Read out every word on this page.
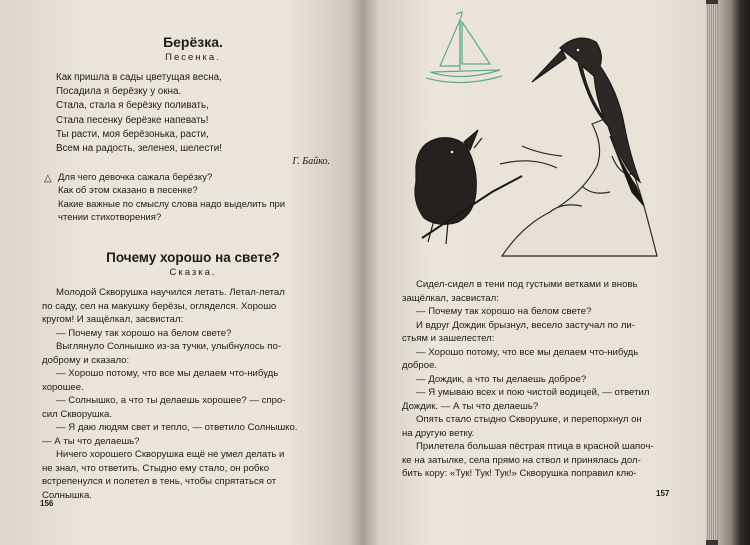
Берёзка.
Песенка.
Как пришла в сады цветущая весна,
Посадила я берёзку у окна.
Стала, стала я берёзку поливать,
Стала песенку берёзке напевать!
Ты расти, моя берёзонька, расти,
Всем на радость, зеленея, шелести!
Г. Байко.
△ Для чего девочка сажала берёзку?
Как об этом сказано в песенке?
Какие важные по смыслу слова надо выделить при
чтении стихотворения?
Почему хорошо на свете?
Сказка.

Молодой Скворушка научился летать. Летал-летал

по саду, сел на макушку берёзы, огляделся. Хорошо

кругом! И защёлкал, засвистал:

— Почему так хорошо на белом свете?

Выглянуло Солнышко из-за тучки, улыбнулось по-

доброму и сказало:

— Хорошо потому, что все мы делаем что-нибудь

хорошее.

— Солнышко, а что ты делаешь хорошее? — спро-

сил Скворушка.

— Я даю людям свет и тепло, — ответило Солнышко.

— А ты что делаешь?

Ничего хорошего Скворушка ещё не умел делать и

не знал, что ответить. Стыдно ему стало, он робко

встрепенулся и полетел в тень, чтобы спрятаться от

Солнышка.

156

Сидел-сидел в тени под густыми ветками и вновь

защёлкал, засвистал:

— Почему так хорошо на белом свете?

И вдруг Дождик брызнул, весело застучал по ли-

стьям и зашелестел:

— Хорошо потому, что все мы делаем что-нибудь

доброе.

— Дождик, а что ты делаешь доброе?

— Я умываю всех и пою чистой водицей, — ответил

Дождик. — А ты что делаешь?

Опять стало стыдно Скворушке, и перепорхнул он

на другую ветку.

Прилетела большая пёстрая птица в красной шапоч-

ке на затылке, села прямо на ствол и принялась дол-

бить кору: «Тук! Тук! Тук!» Скворушка поправил клю-

157
